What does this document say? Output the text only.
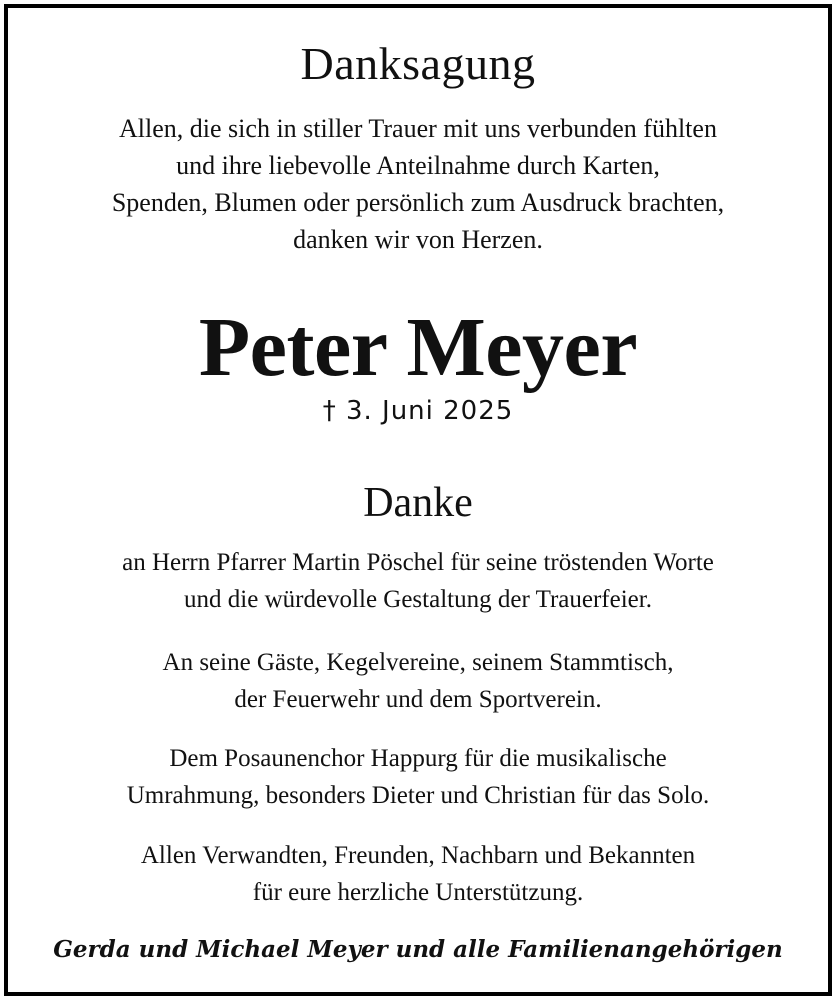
Danksagung
Allen, die sich in stiller Trauer mit uns verbunden fühlten
und ihre liebevolle Anteilnahme durch Karten,
Spenden, Blumen oder persönlich zum Ausdruck brachten,
danken wir von Herzen.
Peter Meyer
† 3. Juni 2025
Danke
an Herrn Pfarrer Martin Pöschel für seine tröstenden Worte
und die würdevolle Gestaltung der Trauerfeier.
An seine Gäste, Kegelvereine, seinem Stammtisch,
der Feuerwehr und dem Sportverein.
Dem Posaunenchor Happurg für die musikalische
Umrahmung, besonders Dieter und Christian für das Solo.
Allen Verwandten, Freunden, Nachbarn und Bekannten
für eure herzliche Unterstützung.
Gerda und Michael Meyer und alle Familienangehörigen
